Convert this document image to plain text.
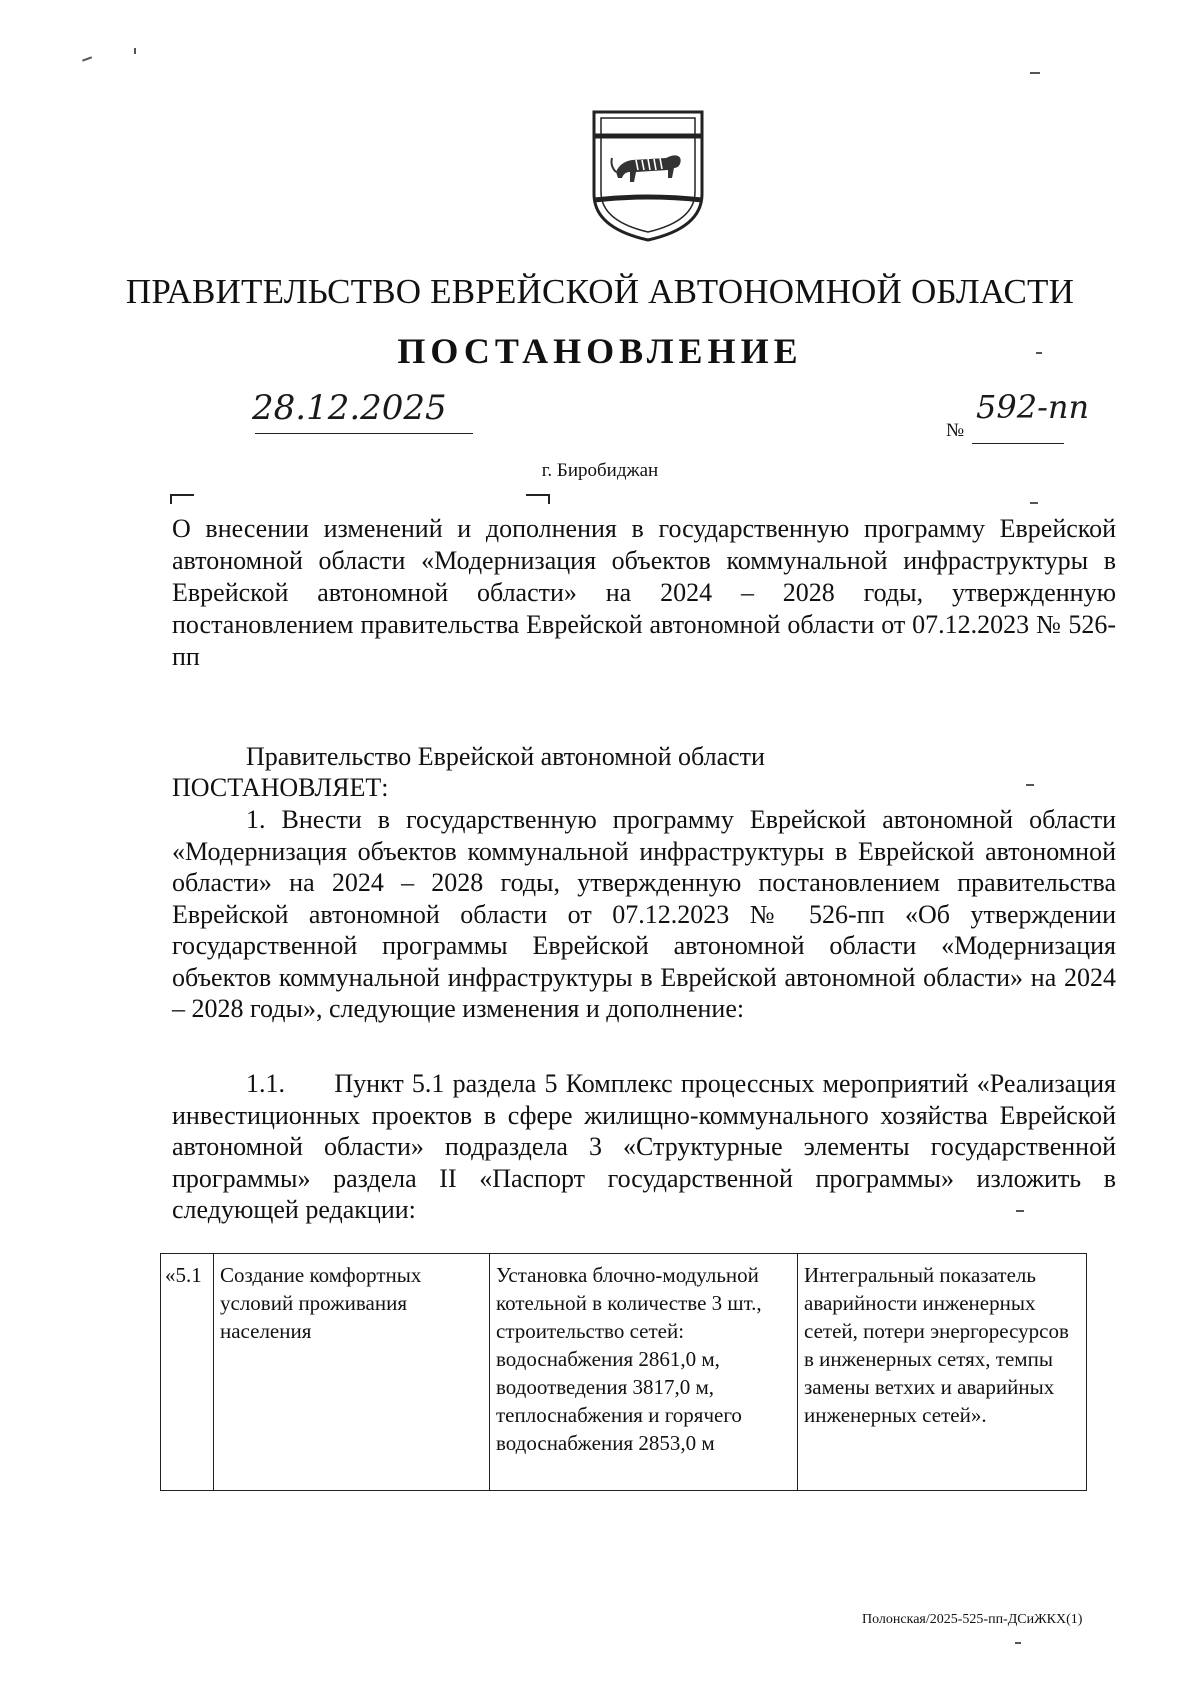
ПРАВИТЕЛЬСТВО ЕВРЕЙСКОЙ АВТОНОМНОЙ ОБЛАСТИ
ПОСТАНОВЛЕНИЕ
28.12.2025
№
592-пп
г. Биробиджан
О внесении изменений и дополнения в государственную программу Еврейской автономной области «Модернизация объектов коммунальной инфраструктуры в Еврейской автономной области» на 2024 – 2028 годы, утвержденную постановлением правительства Еврейской автономной области от 07.12.2023 № 526-пп
Правительство Еврейской автономной области
ПОСТАНОВЛЯЕТ:
1. Внести в государственную программу Еврейской автономной области «Модернизация объектов коммунальной инфраструктуры в Еврейской автономной области» на 2024 – 2028 годы, утвержденную постановлением правительства Еврейской автономной области от 07.12.2023 № 526-пп «Об утверждении государственной программы Еврейской автономной области «Модернизация объектов коммунальной инфраструктуры в Еврейской автономной области» на 2024 – 2028 годы», следующие изменения и дополнение:
1.1. Пункт 5.1 раздела 5 Комплекс процессных мероприятий «Реализация инвестиционных проектов в сфере жилищно-коммунального хозяйства Еврейской автономной области» подраздела 3 «Структурные элементы государственной программы» раздела II «Паспорт государственной программы» изложить в следующей редакции:
«5.1	Создание комфортных условий проживания населения	Установка блочно-модульной котельной в количестве 3 шт., строительство сетей: водоснабжения 2861,0 м, водоотведения 3817,0 м, теплоснабжения и горячего водоснабжения 2853,0 м	Интегральный показатель аварийности инженерных сетей, потери энергоресурсов в инженерных сетях, темпы замены ветхих и аварийных инженерных сетей».
Полонская/2025-525-пп-ДСиЖКХ(1)
